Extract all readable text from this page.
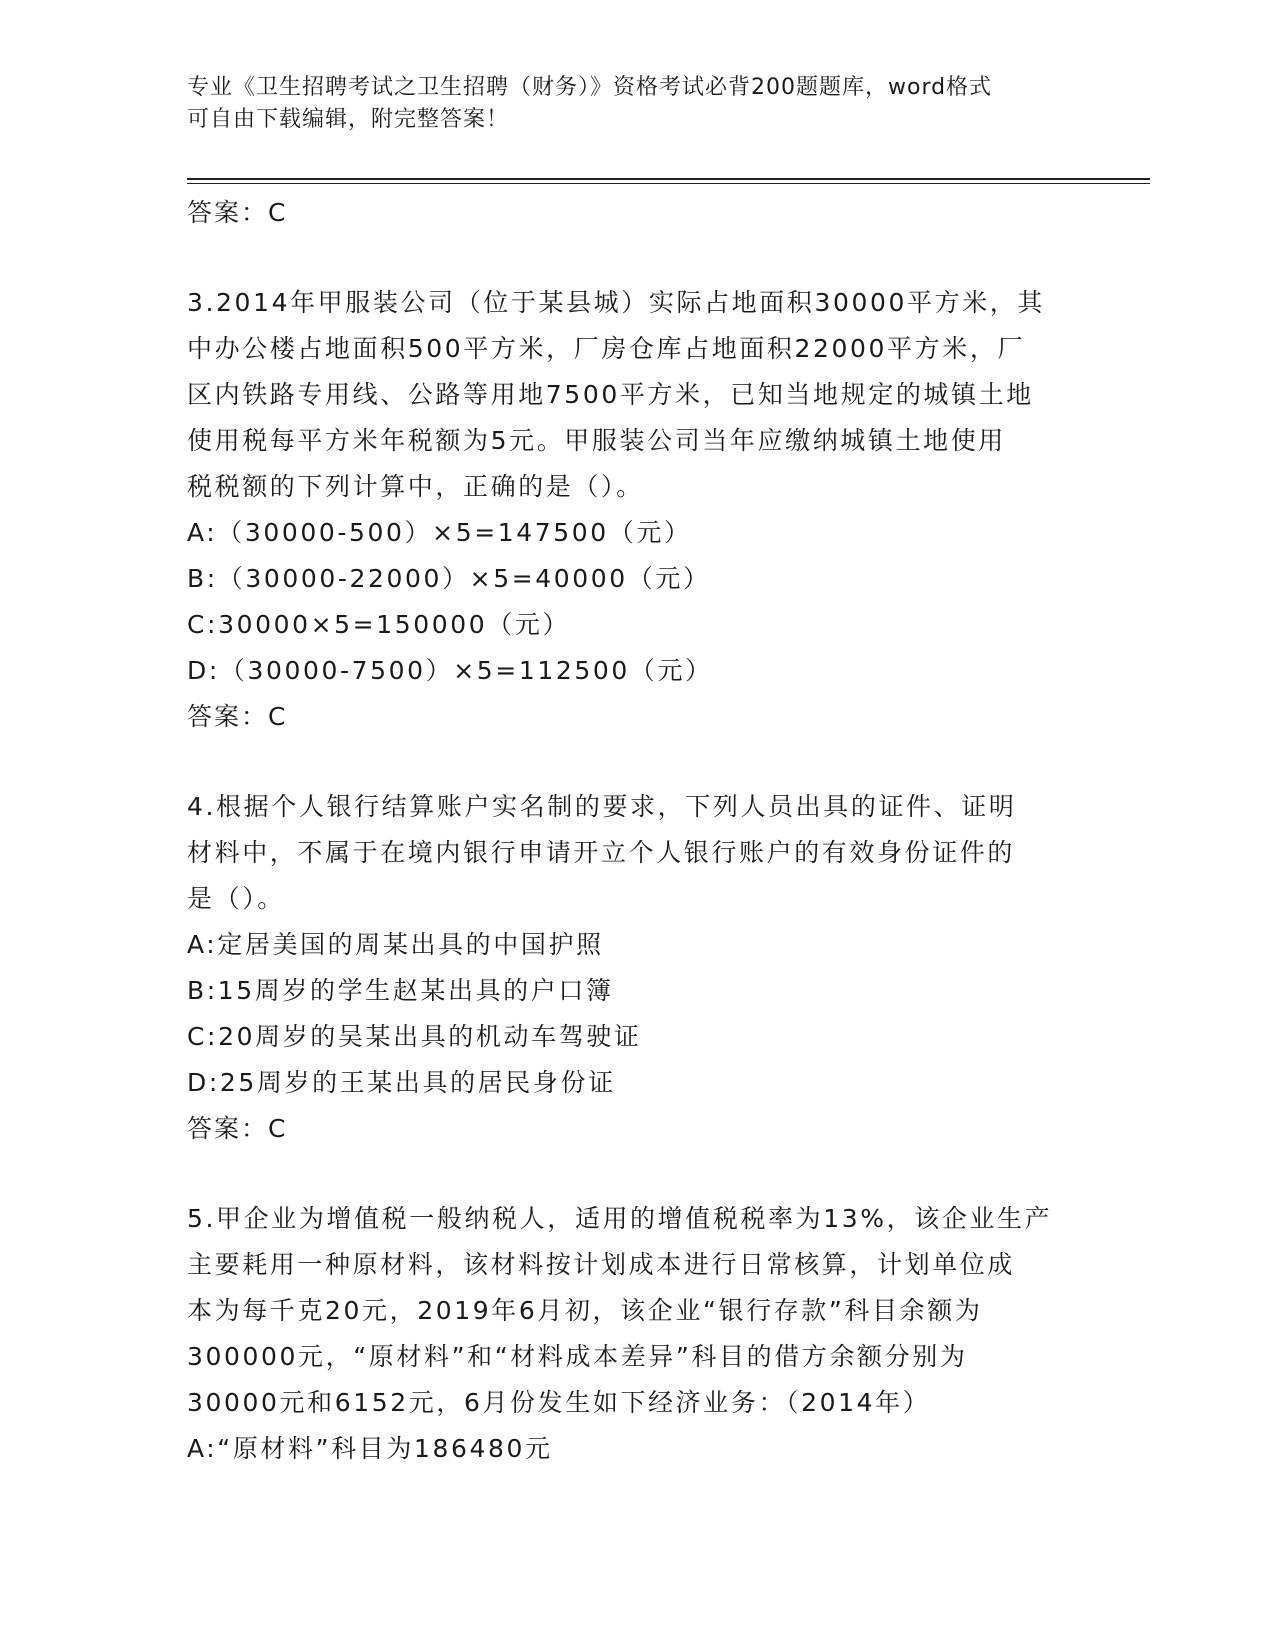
专业《卫生招聘考试之卫生招聘（财务）》资格考试必背200题题库，word格式
可自由下载编辑，附完整答案！
答案：C
3.2014年甲服装公司（位于某县城）实际占地面积30000平方米，其
中办公楼占地面积500平方米，厂房仓库占地面积22000平方米，厂
区内铁路专用线、公路等用地7500平方米，已知当地规定的城镇土地
使用税每平方米年税额为5元。甲服装公司当年应缴纳城镇土地使用
税税额的下列计算中，正确的是（）。
A:（30000-500）×5=147500（元）
B:（30000-22000）×5=40000（元）
C:30000×5=150000（元）
D:（30000-7500）×5=112500（元）
答案：C
4.根据个人银行结算账户实名制的要求，下列人员出具的证件、证明
材料中，不属于在境内银行申请开立个人银行账户的有效身份证件的
是（）。
A:定居美国的周某出具的中国护照
B:15周岁的学生赵某出具的户口簿
C:20周岁的吴某出具的机动车驾驶证
D:25周岁的王某出具的居民身份证
答案：C
5.甲企业为增值税一般纳税人，适用的增值税税率为13%，该企业生产
主要耗用一种原材料，该材料按计划成本进行日常核算，计划单位成
本为每千克20元，2019年6月初，该企业“银行存款”科目余额为
300000元，“原材料”和“材料成本差异”科目的借方余额分别为
30000元和6152元，6月份发生如下经济业务：（2014年）
A:“原材料”科目为186480元
